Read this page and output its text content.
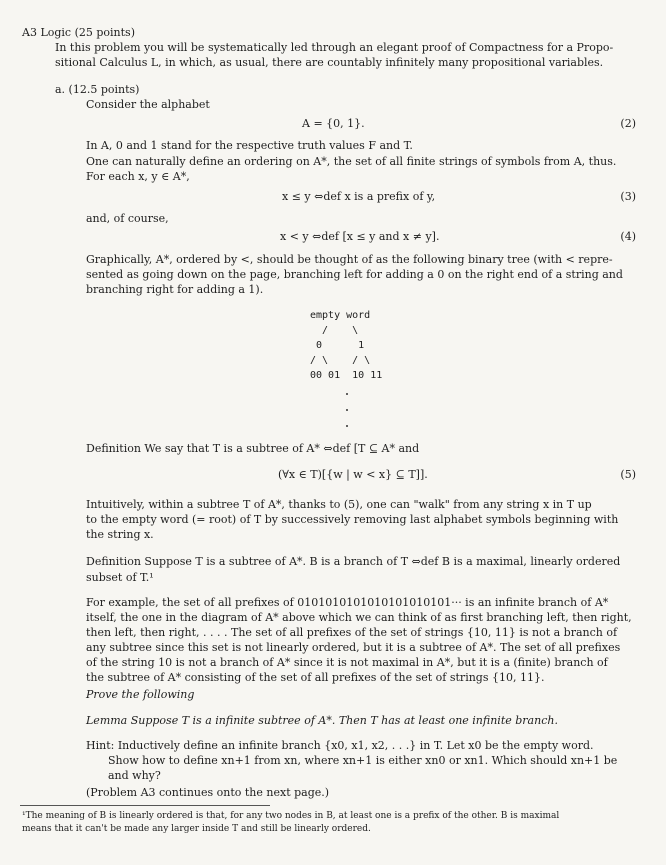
A3 Logic (25 points)
In this problem you will be systematically led through an elegant proof of Compactness for a Propo-
sitional Calculus L, in which, as usual, there are countably infinitely many propositional variables.
a. (12.5 points)
Consider the alphabet
A = {0, 1}.	(2)
In A, 0 and 1 stand for the respective truth values F and T.
One can naturally define an ordering on A*, the set of all finite strings of symbols from A, thus.
For each x, y ∈ A*,
x ≤ y ⇔def x is a prefix of y,	(3)
and, of course,
x < y ⇔def [x ≤ y and x ≠ y].	(4)
Graphically, A*, ordered by <, should be thought of as the following binary tree (with < repre-
sented as going down on the page, branching left for adding a 0 on the right end of a string and
branching right for adding a 1).
empty word
/    \
0      1
/ \    / \
00 01  10 11
Definition We say that T is a subtree of A* ⇔def [T ⊆ A* and
(∀x ∈ T)[{w | w < x} ⊆ T]].	(5)
Intuitively, within a subtree T of A*, thanks to (5), one can "walk" from any string x in T up
to the empty word (= root) of T by successively removing last alphabet symbols beginning with
the string x.
Definition Suppose T is a subtree of A*. B is a branch of T ⇔def B is a maximal, linearly ordered
subset of T.¹
For example, the set of all prefixes of 0101010101010101010101··· is an infinite branch of A*
itself, the one in the diagram of A* above which we can think of as first branching left, then right,
then left, then right, . . . . The set of all prefixes of the set of strings {10, 11} is not a branch of
any subtree since this set is not linearly ordered, but it is a subtree of A*. The set of all prefixes
of the string 10 is not a branch of A* since it is not maximal in A*, but it is a (finite) branch of
the subtree of A* consisting of the set of all prefixes of the set of strings {10, 11}.
Prove the following
Lemma Suppose T is a infinite subtree of A*. Then T has at least one infinite branch.
Hint: Inductively define an infinite branch {x0, x1, x2, . . .} in T. Let x0 be the empty word.
Show how to define xn+1 from xn, where xn+1 is either xn0 or xn1. Which should xn+1 be
and why?
(Problem A3 continues onto the next page.)
¹The meaning of B is linearly ordered is that, for any two nodes in B, at least one is a prefix of the other. B is maximal
means that it can't be made any larger inside T and still be linearly ordered.
